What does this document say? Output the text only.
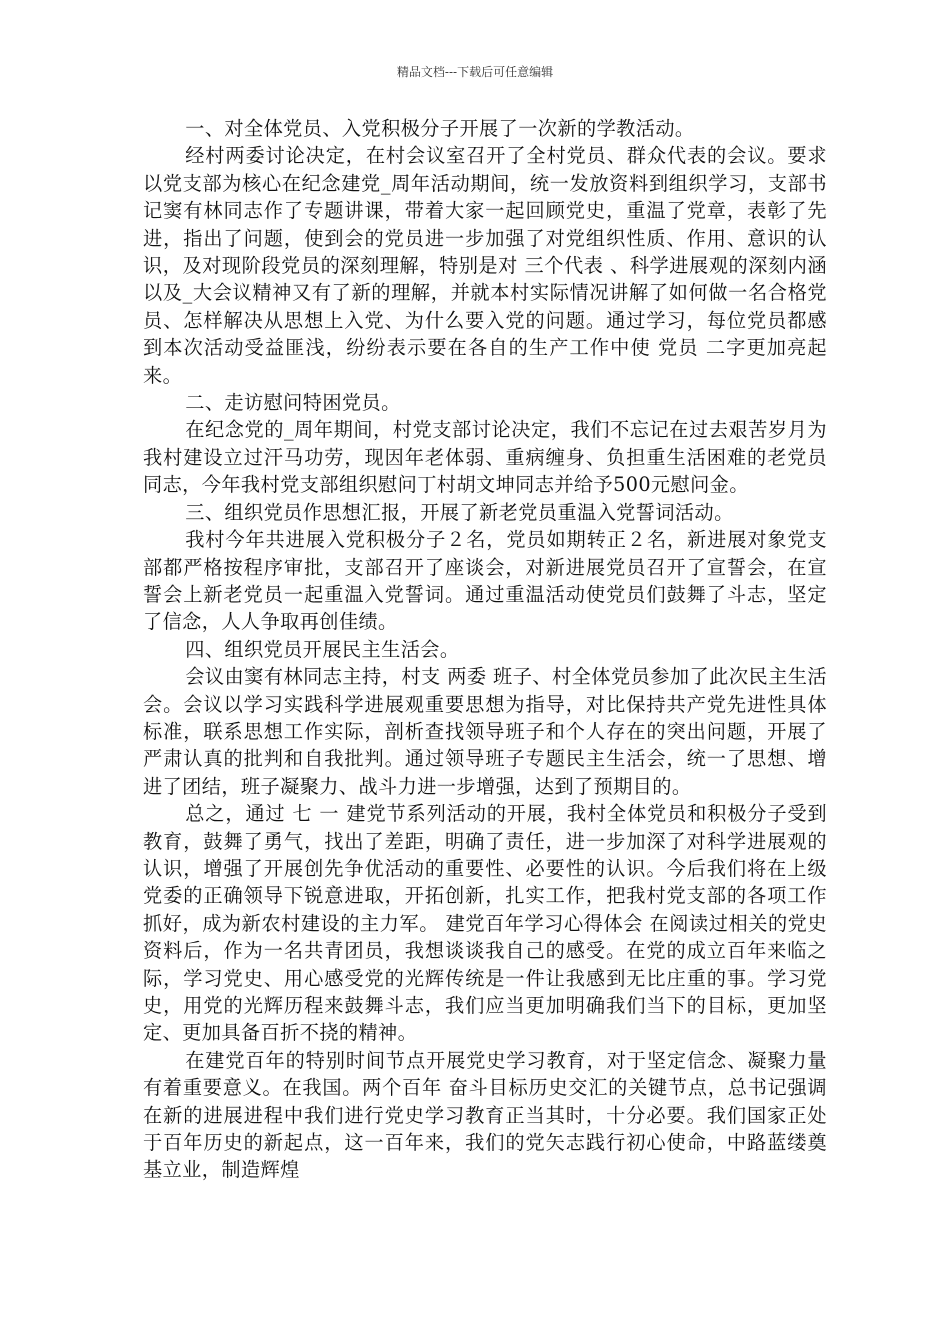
精品文档---下载后可任意编辑

一、对全体党员、入党积极分子开展了一次新的学教活动。

经村两委讨论决定，在村会议室召开了全村党员、群众代表的会议。要求以党支部为核心在纪念建党_周年活动期间，统一发放资料到组织学习，支部书记窦有林同志作了专题讲课，带着大家一起回顾党史，重温了党章，表彰了先进，指出了问题，使到会的党员进一步加强了对党组织性质、作用、意识的认识，及对现阶段党员的深刻理解，特别是对 三个代表 、科学进展观的深刻内涵以及_大会议精神又有了新的理解，并就本村实际情况讲解了如何做一名合格党员、怎样解决从思想上入党、为什么要入党的问题。通过学习，每位党员都感到本次活动受益匪浅，纷纷表示要在各自的生产工作中使 党员 二字更加亮起来。

二、走访慰问特困党员。

在纪念党的_周年期间，村党支部讨论决定，我们不忘记在过去艰苦岁月为我村建设立过汗马功劳，现因年老体弱、重病缠身、负担重生活困难的老党员同志，今年我村党支部组织慰问丁村胡文坤同志并给予500元慰问金。

三、组织党员作思想汇报，开展了新老党员重温入党誓词活动。

我村今年共进展入党积极分子２名，党员如期转正２名，新进展对象党支部都严格按程序审批，支部召开了座谈会，对新进展党员召开了宣誓会，在宣誓会上新老党员一起重温入党誓词。通过重温活动使党员们鼓舞了斗志，坚定了信念，人人争取再创佳绩。

四、组织党员开展民主生活会。

会议由窦有林同志主持，村支 两委 班子、村全体党员参加了此次民主生活会。会议以学习实践科学进展观重要思想为指导，对比保持共产党先进性具体标准，联系思想工作实际，剖析查找领导班子和个人存在的突出问题，开展了严肃认真的批判和自我批判。通过领导班子专题民主生活会，统一了思想、增进了团结，班子凝聚力、战斗力进一步增强，达到了预期目的。

总之，通过 七 一 建党节系列活动的开展，我村全体党员和积极分子受到教育，鼓舞了勇气，找出了差距，明确了责任，进一步加深了对科学进展观的认识，增强了开展创先争优活动的重要性、必要性的认识。今后我们将在上级党委的正确领导下锐意进取，开拓创新，扎实工作，把我村党支部的各项工作抓好，成为新农村建设的主力军。 建党百年学习心得体会 在阅读过相关的党史资料后，作为一名共青团员，我想谈谈我自己的感受。在党的成立百年来临之际，学习党史、用心感受党的光辉传统是一件让我感到无比庄重的事。学习党史，用党的光辉历程来鼓舞斗志，我们应当更加明确我们当下的目标，更加坚定、更加具备百折不挠的精神。

在建党百年的特别时间节点开展党史学习教育，对于坚定信念、凝聚力量有着重要意义。在我国。两个百年 奋斗目标历史交汇的关键节点，总书记强调在新的进展进程中我们进行党史学习教育正当其时，十分必要。我们国家正处于百年历史的新起点，这一百年来，我们的党矢志践行初心使命，中路蓝缕奠基立业，制造辉煌
